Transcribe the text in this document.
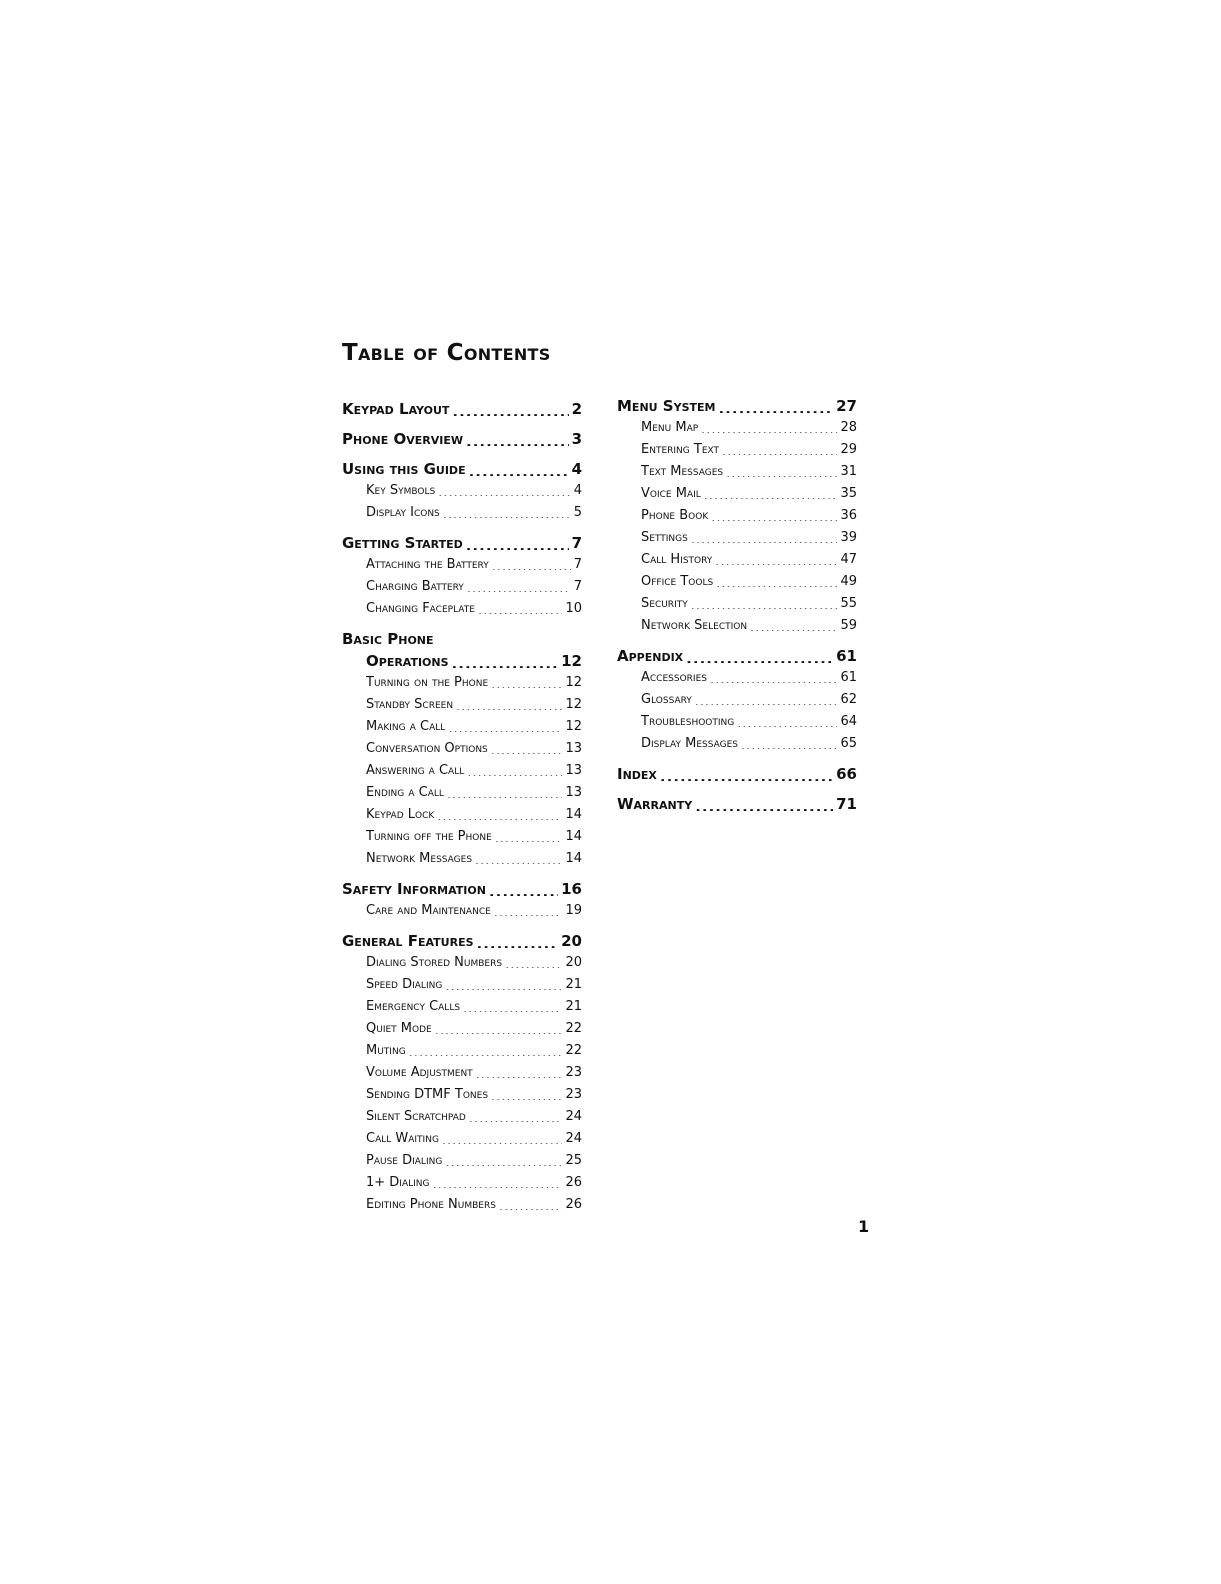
Table of Contents
Keypad Layout .....	2
Phone Overview .....	3
Using this Guide .....	4
Key Symbols .....	4
Display Icons .....	5
Getting Started .....	7
Attaching the Battery .....	7
Charging Battery .....	7
Changing Faceplate .....	10
Basic Phone
Operations .....	12
Turning on the Phone .....	12
Standby Screen .....	12
Making a Call .....	12
Conversation Options .....	13
Answering a Call .....	13
Ending a Call .....	13
Keypad Lock .....	14
Turning off the Phone .....	14
Network Messages .....	14
Safety Information .....	16
Care and Maintenance .....	19
General Features .....	20
Dialing Stored Numbers .....	20
Speed Dialing .....	21
Emergency Calls .....	21
Quiet Mode .....	22
Muting .....	22
Volume Adjustment .....	23
Sending DTMF Tones .....	23
Silent Scratchpad .....	24
Call Waiting .....	24
Pause Dialing .....	25
1+ Dialing .....	26
Editing Phone Numbers .....	26
Menu System .....	27
Menu Map .....	28
Entering Text .....	29
Text Messages .....	31
Voice Mail .....	35
Phone Book .....	36
Settings .....	39
Call History .....	47
Office Tools .....	49
Security .....	55
Network Selection .....	59
Appendix .....	61
Accessories .....	61
Glossary .....	62
Troubleshooting .....	64
Display Messages .....	65
Index .....	66
Warranty .....	71
1
